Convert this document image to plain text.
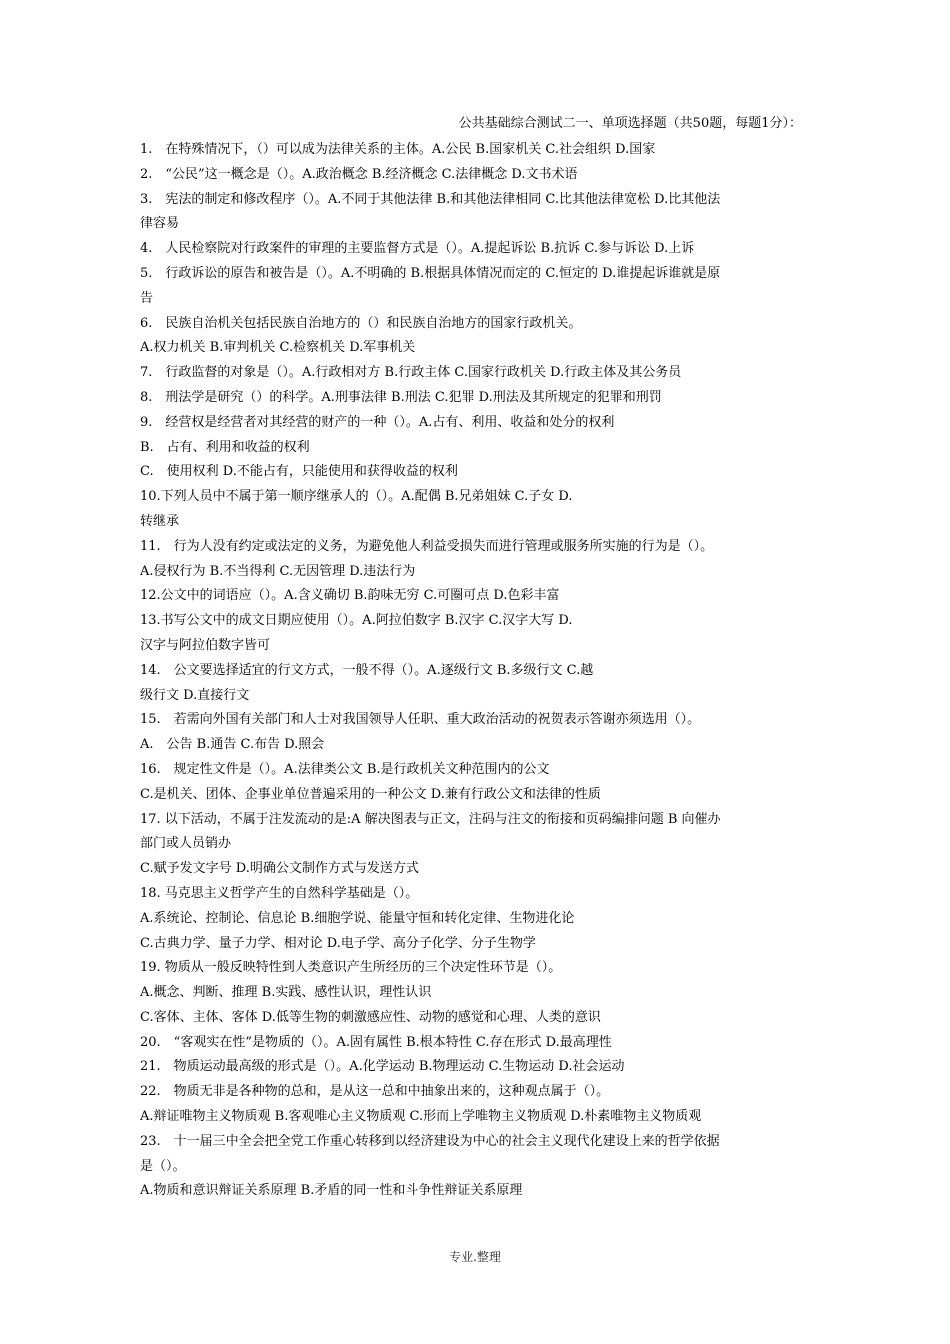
公共基础综合测试二一、单项选择题（共50题，每题1分）：
1.　在特殊情况下，（）可以成为法律关系的主体。A.公民 B.国家机关 C.社会组织 D.国家
2.　“公民”这一概念是（）。A.政治概念 B.经济概念 C.法律概念 D.文书术语
3.　宪法的制定和修改程序（）。A.不同于其他法律 B.和其他法律相同 C.比其他法律宽松 D.比其他法
律容易
4.　人民检察院对行政案件的审理的主要监督方式是（）。A.提起诉讼 B.抗诉 C.参与诉讼 D.上诉
5.　行政诉讼的原告和被告是（）。A.不明确的 B.根据具体情况而定的 C.恒定的 D.谁提起诉谁就是原
告
6.　民族自治机关包括民族自治地方的（）和民族自治地方的国家行政机关。
A.权力机关 B.审判机关 C.检察机关 D.军事机关
7.　行政监督的对象是（）。A.行政相对方 B.行政主体 C.国家行政机关 D.行政主体及其公务员
8.　刑法学是研究（）的科学。A.刑事法律 B.刑法 C.犯罪 D.刑法及其所规定的犯罪和刑罚
9.　经营权是经营者对其经营的财产的一种（）。A.占有、利用、收益和处分的权利
B.　占有、利用和收益的权利
C.　使用权利 D.不能占有，只能使用和获得收益的权利
10.下列人员中不属于第一顺序继承人的（）。A.配偶 B.兄弟姐妹 C.子女 D.
转继承
11.　行为人没有约定或法定的义务，为避免他人利益受损失而进行管理或服务所实施的行为是（）。
A.侵权行为 B.不当得利 C.无因管理 D.违法行为
12.公文中的词语应（）。A.含义确切 B.韵味无穷 C.可圈可点 D.色彩丰富
13.书写公文中的成文日期应使用（）。A.阿拉伯数字 B.汉字 C.汉字大写 D.
汉字与阿拉伯数字皆可
14.　公文要选择适宜的行文方式，一般不得（）。A.逐级行文 B.多级行文 C.越
级行文 D.直接行文
15.　若需向外国有关部门和人士对我国领导人任职、重大政治活动的祝贺表示答谢亦须选用（）。
A.　公告 B.通告 C.布告 D.照会
16.　规定性文件是（）。A.法律类公文 B.是行政机关文种范围内的公文
C.是机关、团体、企事业单位普遍采用的一种公文 D.兼有行政公文和法律的性质
17. 以下活动，不属于注发流动的是:A 解决图表与正文，注码与注文的衔接和页码编排问题 B 向催办
部门或人员销办
C.赋予发文字号 D.明确公文制作方式与发送方式
18. 马克思主义哲学产生的自然科学基础是（）。
A.系统论、控制论、信息论 B.细胞学说、能量守恒和转化定律、生物进化论
C.古典力学、量子力学、相对论 D.电子学、高分子化学、分子生物学
19. 物质从一般反映特性到人类意识产生所经历的三个决定性环节是（）。
A.概念、判断、推理 B.实践、感性认识，理性认识
C.客体、主体、客体 D.低等生物的刺激感应性、动物的感觉和心理、人类的意识
20.　“客观实在性”是物质的（）。A.固有属性 B.根本特性 C.存在形式 D.最高理性
21.　物质运动最高级的形式是（）。A.化学运动 B.物理运动 C.生物运动 D.社会运动
22.　物质无非是各种物的总和，是从这一总和中抽象出来的，这种观点属于（）。
A.辩证唯物主义物质观 B.客观唯心主义物质观 C.形而上学唯物主义物质观 D.朴素唯物主义物质观
23.　十一届三中全会把全党工作重心转移到以经济建设为中心的社会主义现代化建设上来的哲学依据
是（）。
A.物质和意识辩证关系原理 B.矛盾的同一性和斗争性辩证关系原理
专业.整理
